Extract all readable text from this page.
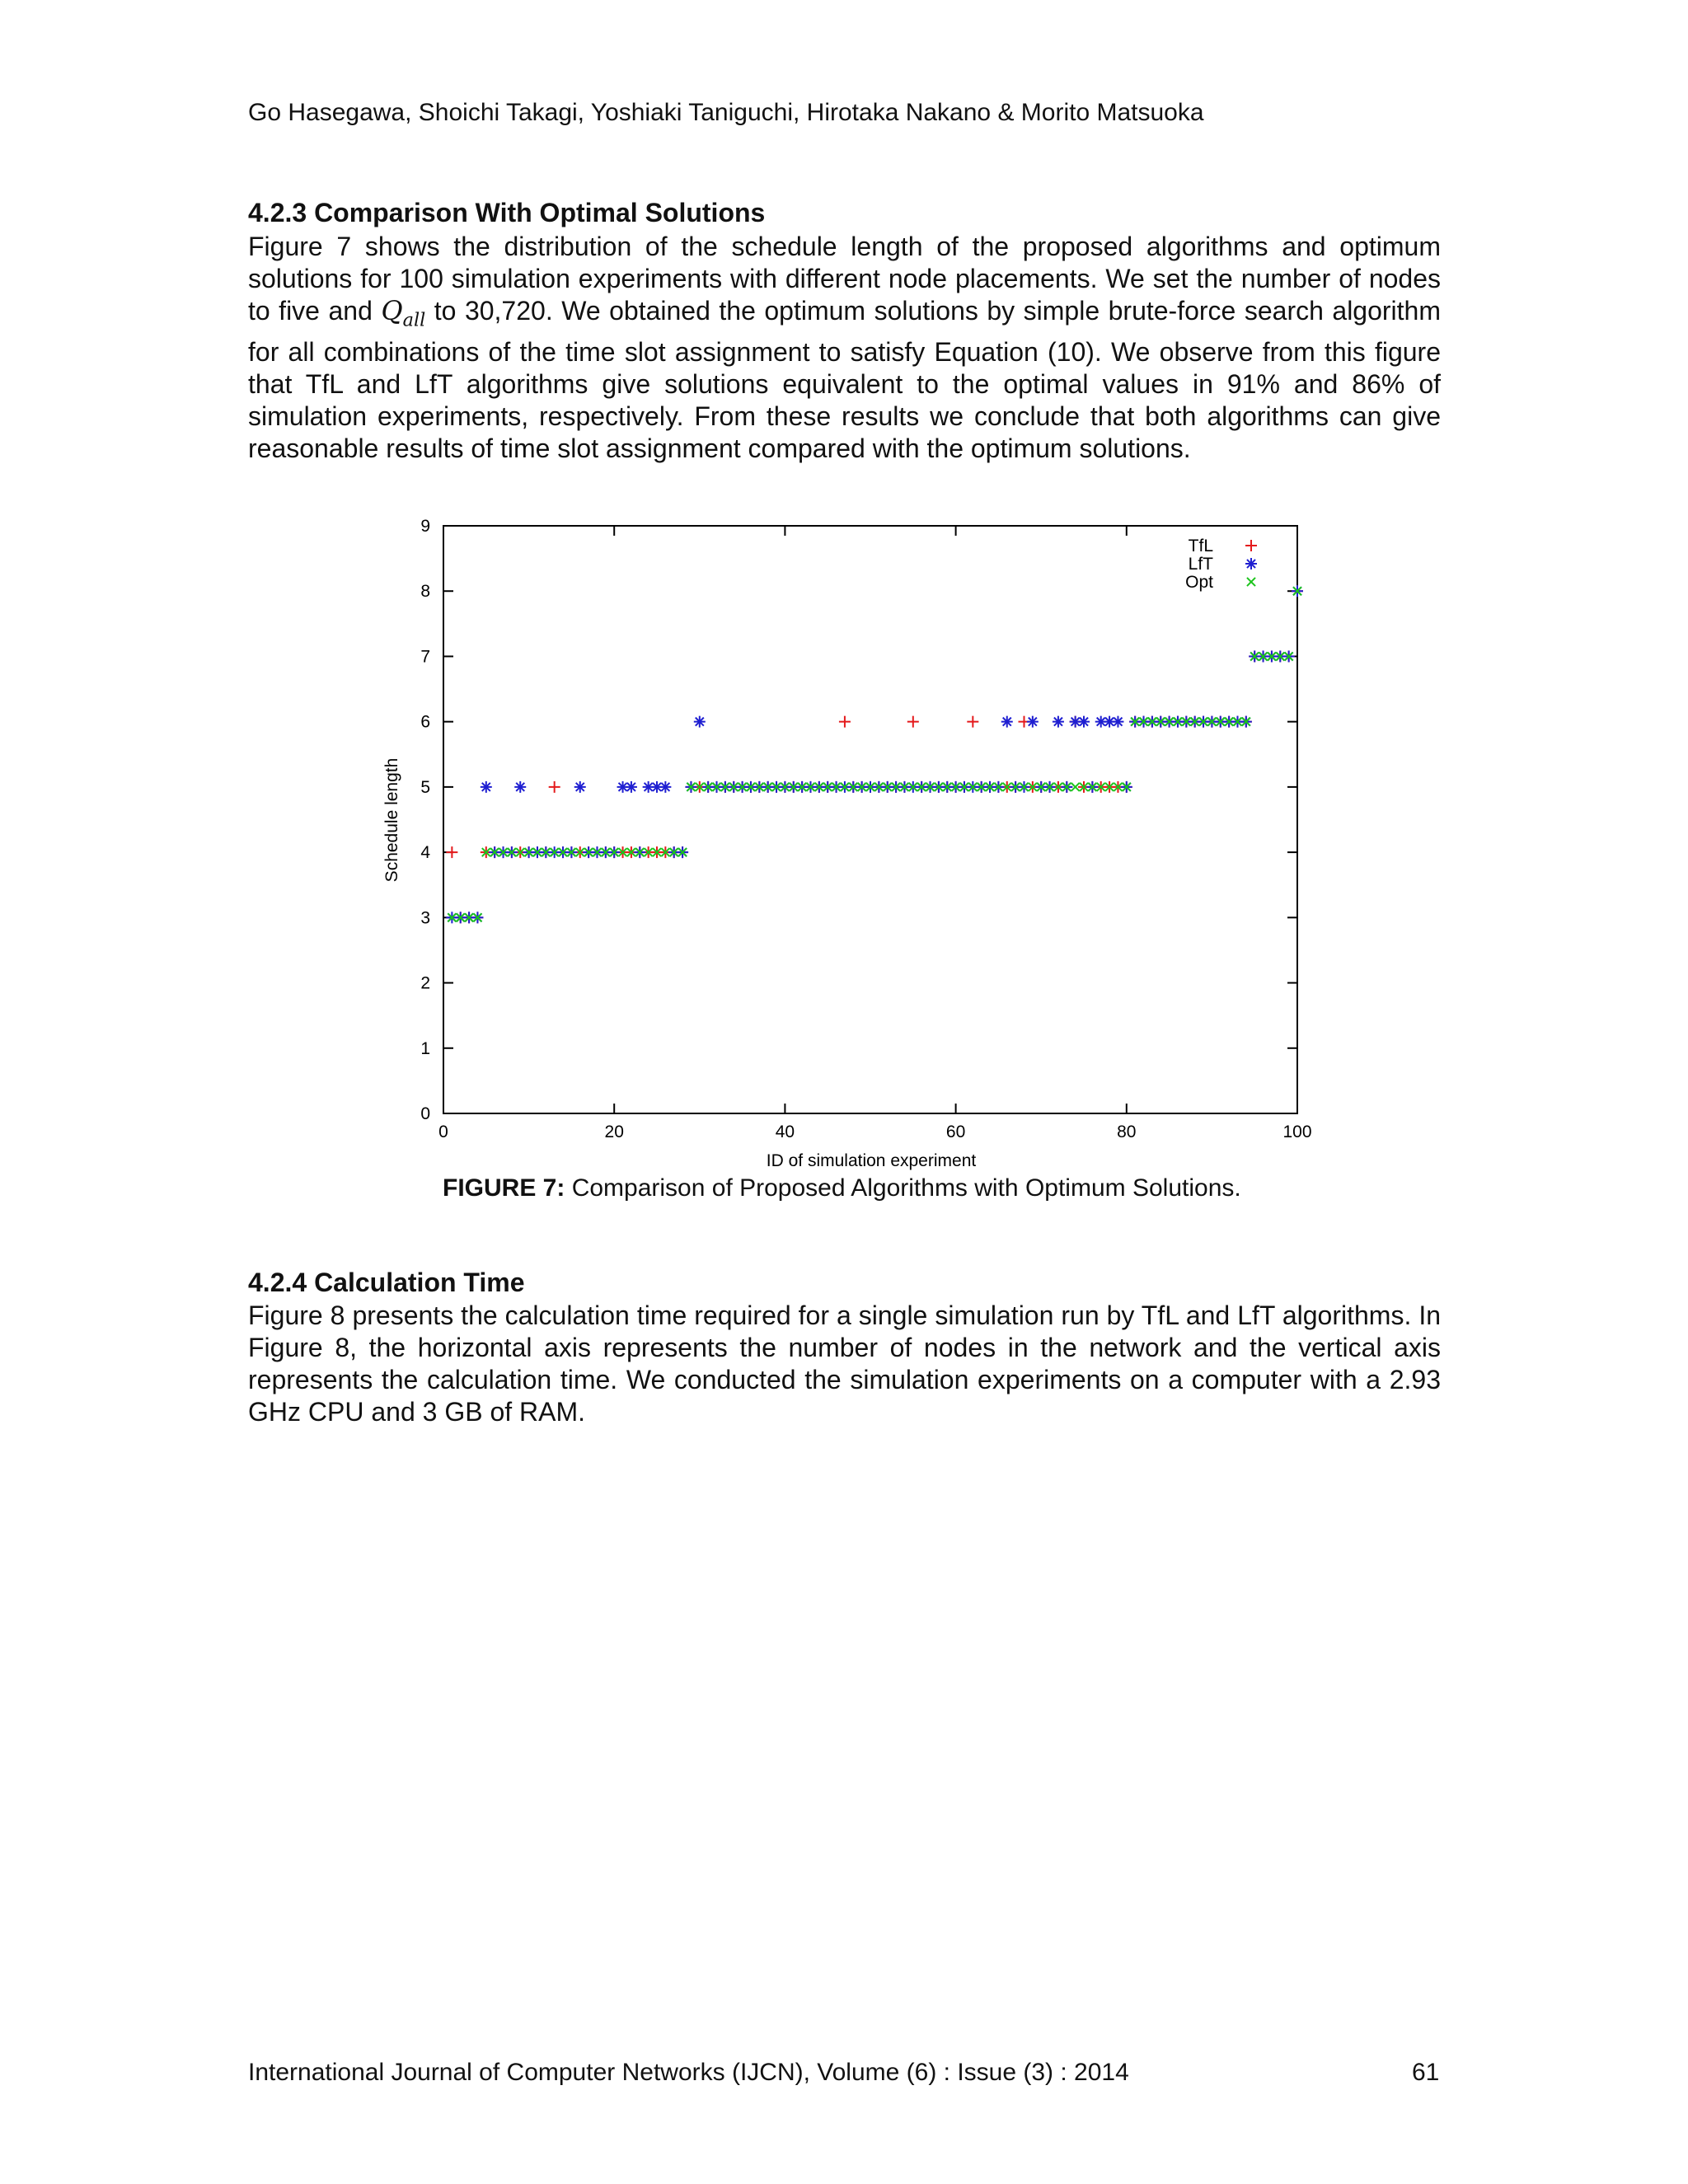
Go Hasegawa, Shoichi Takagi, Yoshiaki Taniguchi, Hirotaka Nakano & Morito Matsuoka
4.2.3 Comparison With Optimal Solutions

Figure 7 shows the distribution of the schedule length of the proposed algorithms and optimum solutions for 100 simulation experiments with different node placements. We set the number of nodes to five and $Q_{all}$ to 30,720. We obtained the optimum solutions by simple brute-force search algorithm for all combinations of the time slot assignment to satisfy Equation (10). We observe from this figure that TfL and LfT algorithms give solutions equivalent to the optimal values in 91% and 86% of simulation experiments, respectively. From these results we conclude that both algorithms can give reasonable results of time slot assignment compared with the optimum solutions.

0
1
2
3
4
5
6
7
8
9
0	20	40	60	80	100
ID of simulation experiment
Schedule length
TfL
LfT
Opt
FIGURE 7: Comparison of Proposed Algorithms with Optimum Solutions.
4.2.4 Calculation Time

Figure 8 presents the calculation time required for a single simulation run by TfL and LfT algorithms. In Figure 8, the horizontal axis represents the number of nodes in the network and the vertical axis represents the calculation time. We conducted the simulation experiments on a computer with a 2.93 GHz CPU and 3 GB of RAM.

International Journal of Computer Networks (IJCN), Volume (6) : Issue (3) : 2014	61
